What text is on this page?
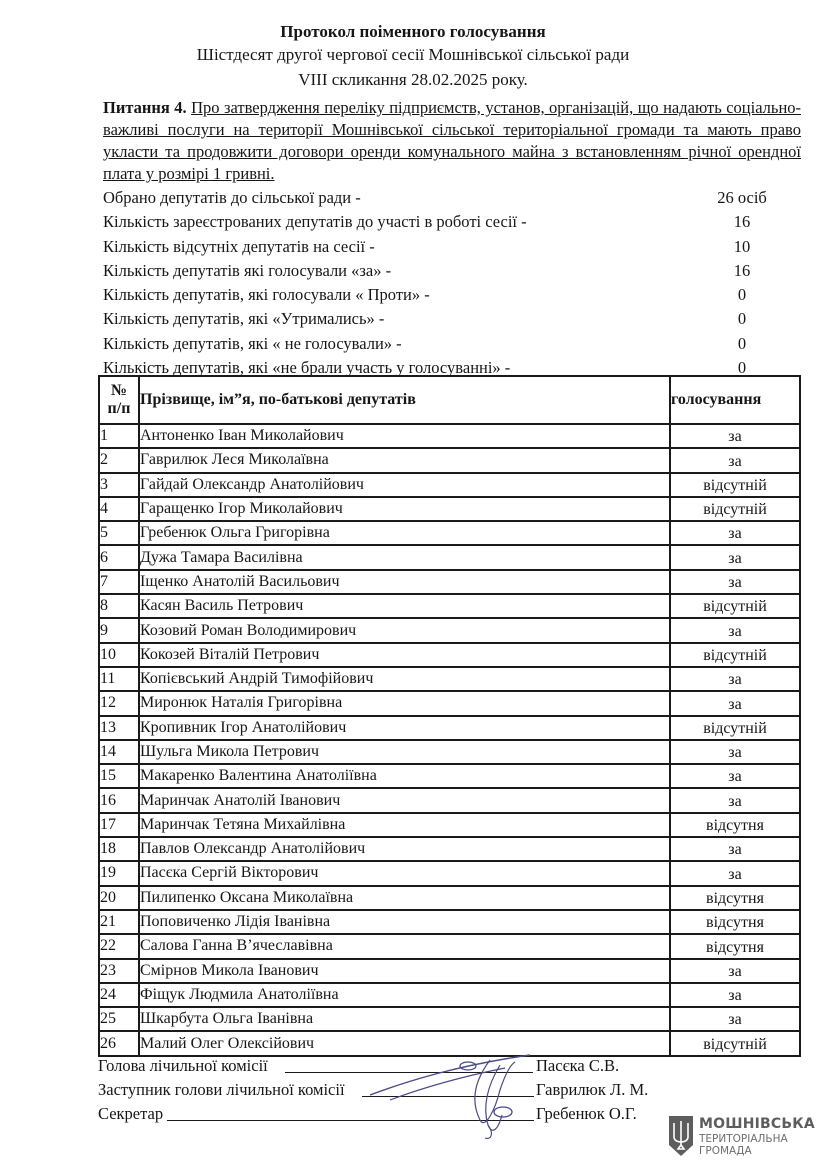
Протокол поіменного голосування
Шістдесят другої чергової сесії Мошнівської сільської ради
VIII скликання 28.02.2025 року.
Питання 4. Про затвердження переліку підприємств, установ, організацій, що надають соціально-важливі послуги на території Мошнівської сільської територіальної громади та мають право укласти та продовжити договори оренди комунального майна з встановленням річної орендної плата у розмірі 1 гривні.
Обрано депутатів до сільської ради -	26 осіб
Кількість зареєстрованих депутатів до участі в роботі сесії -	16
Кількість відсутніх депутатів на сесії -	10
Кількість депутатів які голосували «за» -	16
Кількість депутатів, які голосували « Проти» -	0
Кількість депутатів, які «Утримались» -	0
Кількість депутатів, які « не голосували» -	0
Кількість депутатів, які «не брали участь у голосуванні» -	0
№
п/п	Прізвище, ім”я, по-батькові депутатів	голосування
1	Антоненко Іван Миколайович	за
2	Гаврилюк Леся Миколаївна	за
3	Гайдай Олександр Анатолійович	відсутній
4	Гаращенко Ігор Миколайович	відсутній
5	Гребенюк Ольга Григорівна	за
6	Дужа Тамара Василівна	за
7	Іщенко Анатолій Васильович	за
8	Касян Василь Петрович	відсутній
9	Козовий Роман Володимирович	за
10	Кокозей Віталій Петрович	відсутній
11	Копієвський Андрій Тимофійович	за
12	Миронюк Наталія Григорівна	за
13	Кропивник Ігор Анатолійович	відсутній
14	Шульга Микола Петрович	за
15	Макаренко Валентина Анатоліївна	за
16	Маринчак Анатолій Іванович	за
17	Маринчак Тетяна Михайлівна	відсутня
18	Павлов Олександр Анатолійович	за
19	Пасєка Сергій Вікторович	за
20	Пилипенко Оксана Миколаївна	відсутня
21	Поповиченко Лідія Іванівна	відсутня
22	Салова Ганна В’ячеславівна	відсутня
23	Смірнов Микола Іванович	за
24	Фіщук Людмила Анатоліївна	за
25	Шкарбута Ольга Іванівна	за
26	Малий Олег Олексійович	відсутній
Голова лічильної комісії	Пасєка С.В.
Заступник голови лічильної комісії	Гаврилюк Л. М.
Секретар	Гребенюк О.Г.
МОШНІВСЬКА
ТЕРИТОРІАЛЬНА
ГРОМАДА
